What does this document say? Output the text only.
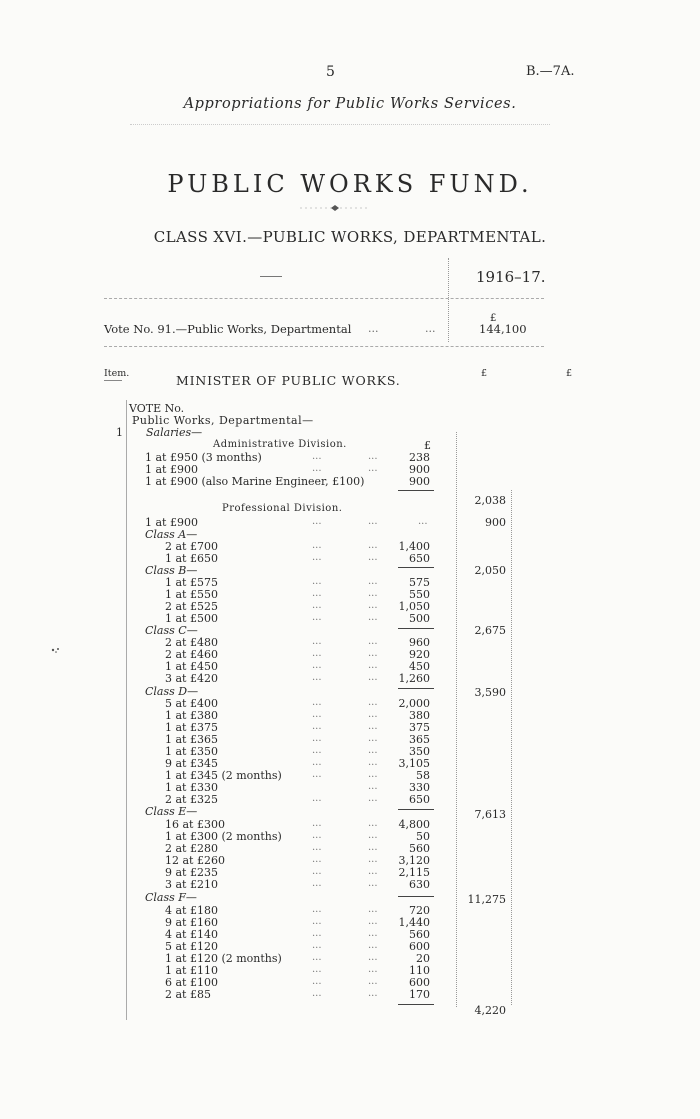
5	B.—7A.
Appropriations for Public Works Services.
PUBLIC WORKS FUND.
CLASS XVI.—PUBLIC WORKS, DEPARTMENTAL.
1916–17.
£
Vote No. 91.—Public Works, Departmental ...	...	144,100
Item.	£	£
MINISTER OF PUBLIC WORKS.
VOTE No.
Public Works, Departmental—
1 Salaries—
Administrative Division.	£
1 at £950 (3 months)	...	...	238
1 at £900	...	...	900
1 at £900 (also Marine Engineer, £100)	900
2,038
Professional Division.
1 at £900	...	...	...	900
Class A—
2 at £700	...	...	1,400
1 at £650	...	...	650
2,050
Class B—
1 at £575	...	...	575
1 at £550	...	...	550
2 at £525	...	...	1,050
1 at £500	...	...	500
2,675
Class C—
2 at £480	...	...	960
2 at £460	...	...	920
1 at £450	...	...	450
3 at £420	...	...	1,260
3,590
Class D—
5 at £400	...	...	2,000
1 at £380	...	...	380
1 at £375	...	...	375
1 at £365	...	...	365
1 at £350	...	...	350
9 at £345	...	...	3,105
1 at £345 (2 months)	...	...	58
1 at £330	...	330
2 at £325	...	...	650
7,613
Class E—
16 at £300	...	...	4,800
1 at £300 (2 months)	...	...	50
2 at £280	...	...	560
12 at £260	...	...	3,120
9 at £235	...	...	2,115
3 at £210	...	...	630
11,275
Class F—
4 at £180	...	...	720
9 at £160	...	...	1,440
4 at £140	...	...	560
5 at £120	...	...	600
1 at £120 (2 months)	...	...	20
1 at £110	...	...	110
6 at £100	...	...	600
2 at £85	...	...	170
4,220
